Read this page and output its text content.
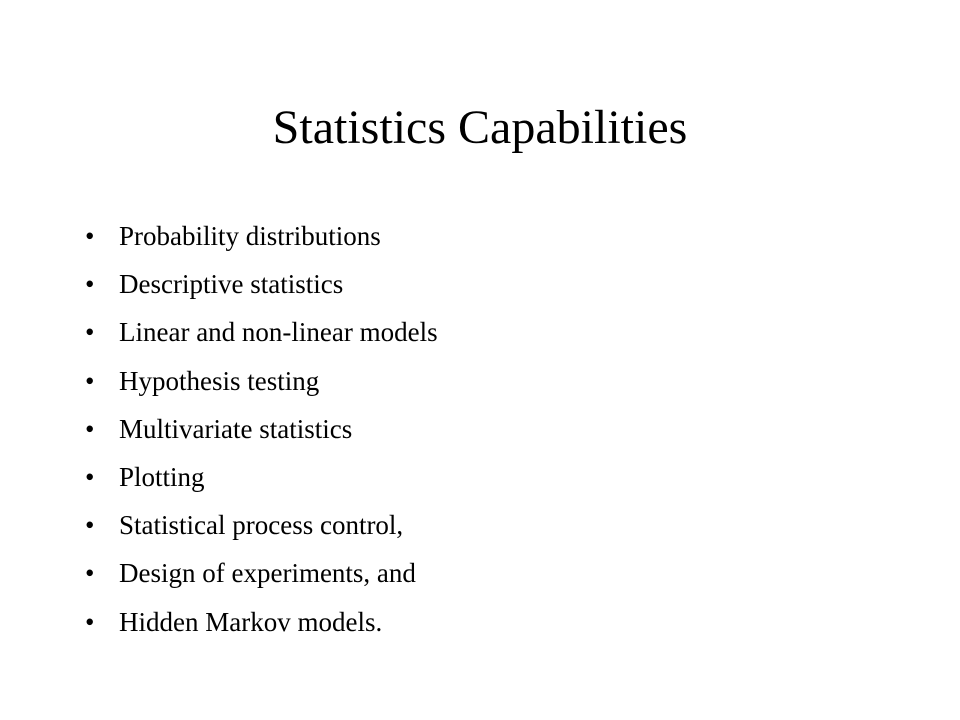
Statistics Capabilities
• Probability distributions
• Descriptive statistics
• Linear and non-linear models
• Hypothesis testing
• Multivariate statistics
• Plotting
• Statistical process control,
• Design of experiments, and
• Hidden Markov models.
